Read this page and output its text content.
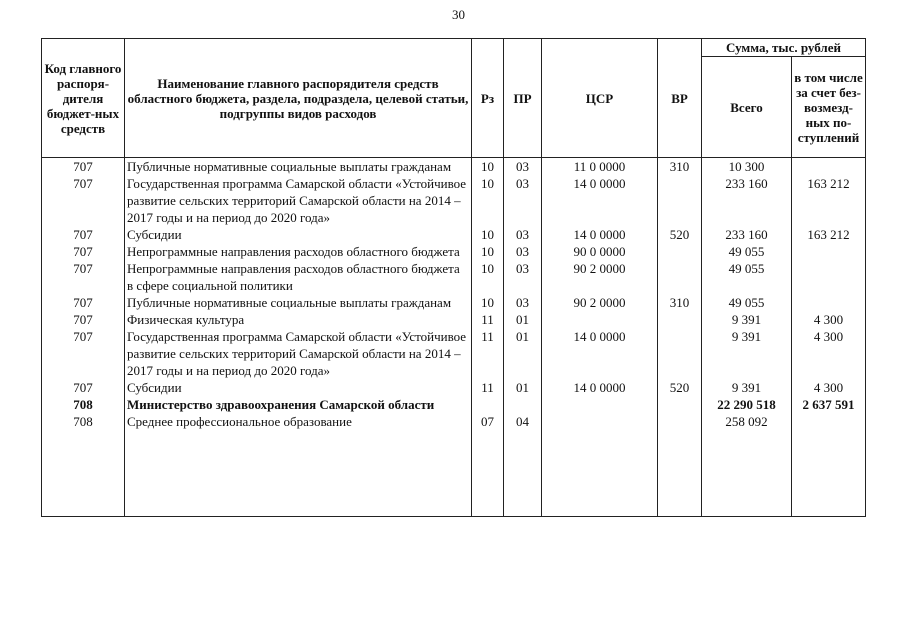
30
Код главного распоря-дителя бюджет-ных средств	Наименование главного распорядителя средств областного бюджета, раздела, подраздела, целевой статьи, подгруппы видов расходов	Рз	ПР	ЦСР	ВР	Сумма, тыс. рублей	
						Всего	в том числе за счет без-возмезд-ных по-ступлений
707	Публичные нормативные социальные выплаты гражданам	10	03	11 0 0000	310	10 300	
707	Государственная программа Самарской области «Устойчивое развитие сельских территорий Самарской области на 2014 – 2017 годы и на период до 2020 года»	10	03	14 0 0000		233 160	163 212
707	Субсидии	10	03	14 0 0000	520	233 160	163 212
707	Непрограммные направления расходов областного бюджета	10	03	90 0 0000		49 055	
707	Непрограммные направления расходов областного бюджета в сфере социальной политики	10	03	90 2 0000		49 055	
707	Публичные нормативные социальные выплаты гражданам	10	03	90 2 0000	310	49 055	
707	Физическая культура	11	01			9 391	4 300
707	Государственная программа Самарской области «Устойчивое развитие сельских территорий Самарской области на 2014 – 2017 годы и на период до 2020 года»	11	01	14 0 0000		9 391	4 300
707	Субсидии	11	01	14 0 0000	520	9 391	4 300
708	Министерство здравоохранения Самарской области					22 290 518	2 637 591
708	Среднее профессиональное образование	07	04			258 092	
